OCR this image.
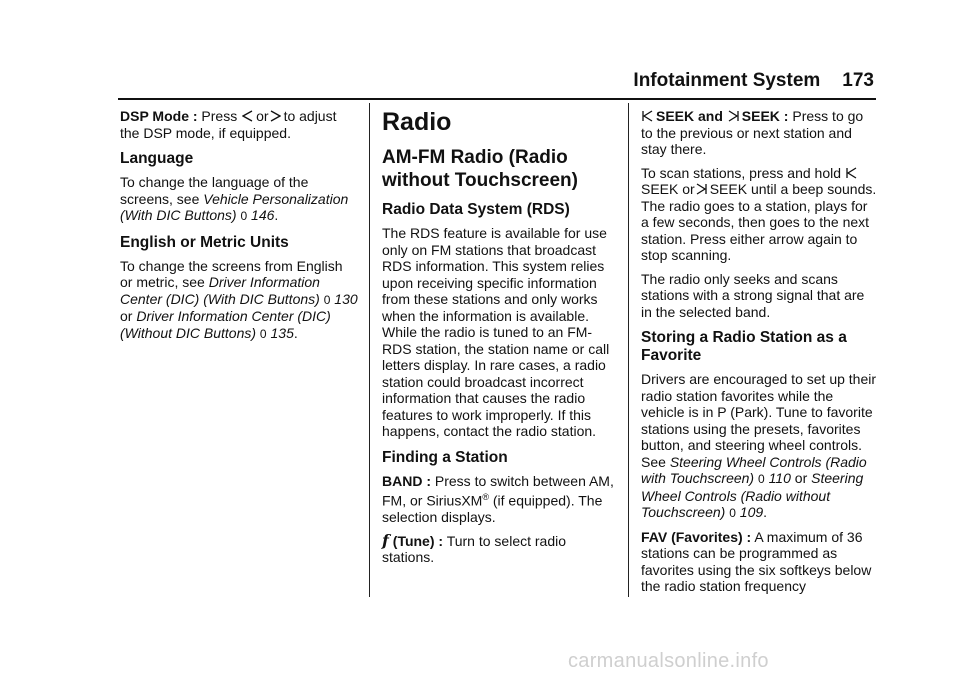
Infotainment System 173

DSP Mode : Press or to adjust the DSP mode, if equipped.

Language

To change the language of the screens, see Vehicle Personalization (With DIC Buttons) 0 146.

English or Metric Units

To change the screens from English or metric, see Driver Information Center (DIC) (With DIC Buttons) 0 130 or Driver Information Center (DIC) (Without DIC Buttons) 0 135.

Radio
AM-FM Radio (Radio without Touchscreen)
Radio Data System (RDS)

The RDS feature is available for use only on FM stations that broadcast RDS information. This system relies upon receiving specific information from these stations and only works when the information is available. While the radio is tuned to an FM-RDS station, the station name or call letters display. In rare cases, a radio station could broadcast incorrect information that causes the radio features to work improperly. If this happens, contact the radio station.

Finding a Station

BAND : Press to switch between AM, FM, or SiriusXM® (if equipped). The selection displays.

f (Tune) : Turn to select radio stations.

SEEK and SEEK : Press to go to the previous or next station and stay there.

To scan stations, press and hold
SEEK or SEEK until a beep sounds. The radio goes to a station, plays for a few seconds, then goes to the next station. Press either arrow again to stop scanning.

The radio only seeks and scans stations with a strong signal that are in the selected band.

Storing a Radio Station as a Favorite

Drivers are encouraged to set up their radio station favorites while the vehicle is in P (Park). Tune to favorite stations using the presets, favorites button, and steering wheel controls. See Steering Wheel Controls (Radio with Touchscreen) 0 110 or Steering Wheel Controls (Radio without Touchscreen) 0 109.

FAV (Favorites) : A maximum of 36 stations can be programmed as favorites using the six softkeys below the radio station frequency

carmanualsonline.info
